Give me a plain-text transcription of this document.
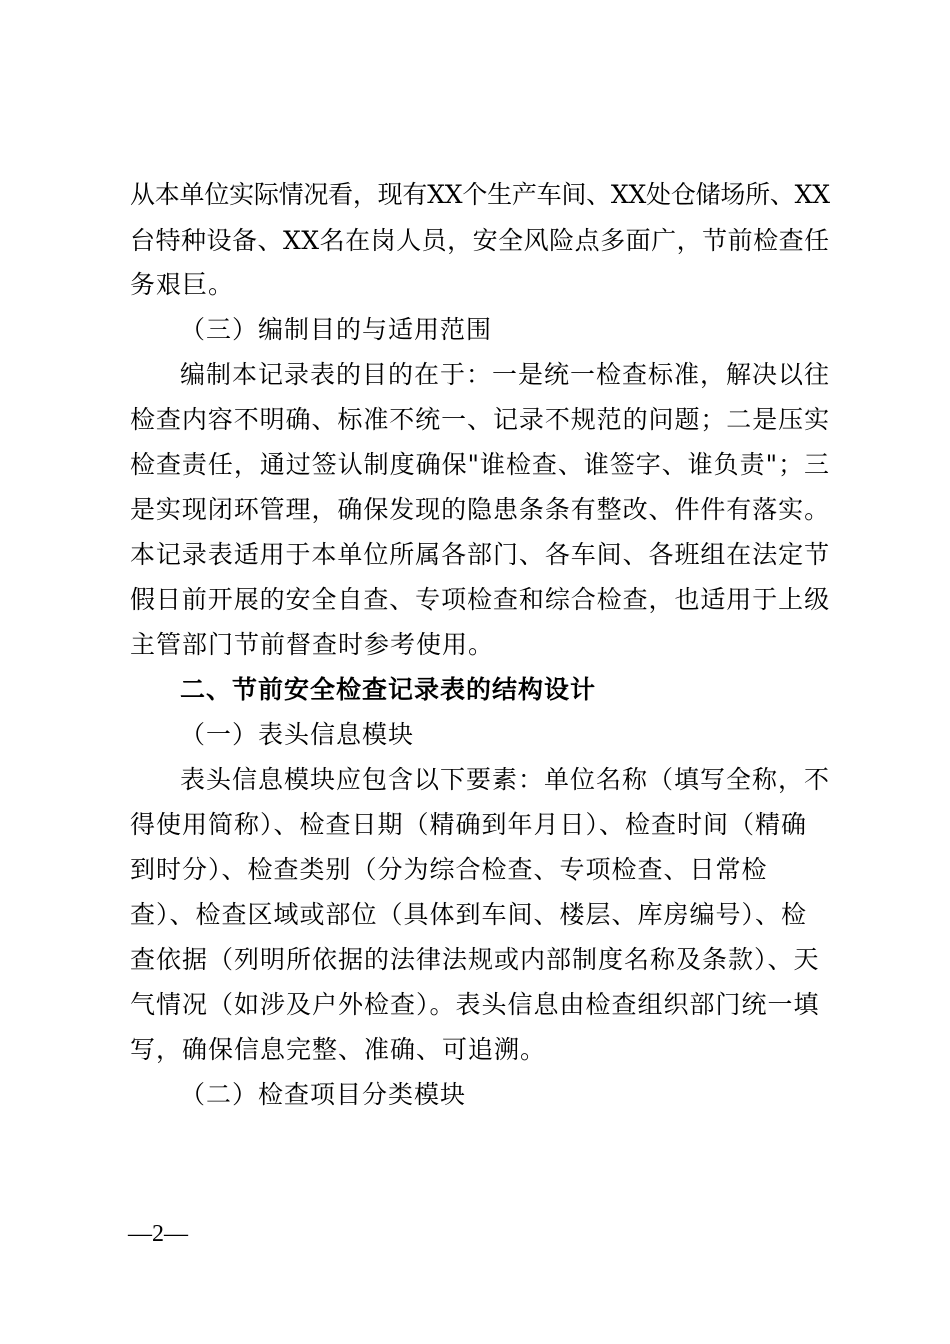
从本单位实际情况看，现有XX个生产车间、XX处仓储场所、XX
台特种设备、XX名在岗人员，安全风险点多面广，节前检查任
务艰巨。
（三）编制目的与适用范围
编制本记录表的目的在于：一是统一检查标准，解决以往
检查内容不明确、标准不统一、记录不规范的问题；二是压实
检查责任，通过签认制度确保"谁检查、谁签字、谁负责"；三
是实现闭环管理，确保发现的隐患条条有整改、件件有落实。
本记录表适用于本单位所属各部门、各车间、各班组在法定节
假日前开展的安全自查、专项检查和综合检查，也适用于上级
主管部门节前督查时参考使用。
二、节前安全检查记录表的结构设计
（一）表头信息模块
表头信息模块应包含以下要素：单位名称（填写全称，不
得使用简称）、检查日期（精确到年月日）、检查时间（精确
到时分）、检查类别（分为综合检查、专项检查、日常检
查）、检查区域或部位（具体到车间、楼层、库房编号）、检
查依据（列明所依据的法律法规或内部制度名称及条款）、天
气情况（如涉及户外检查）。表头信息由检查组织部门统一填
写，确保信息完整、准确、可追溯。
（二）检查项目分类模块
—2—
